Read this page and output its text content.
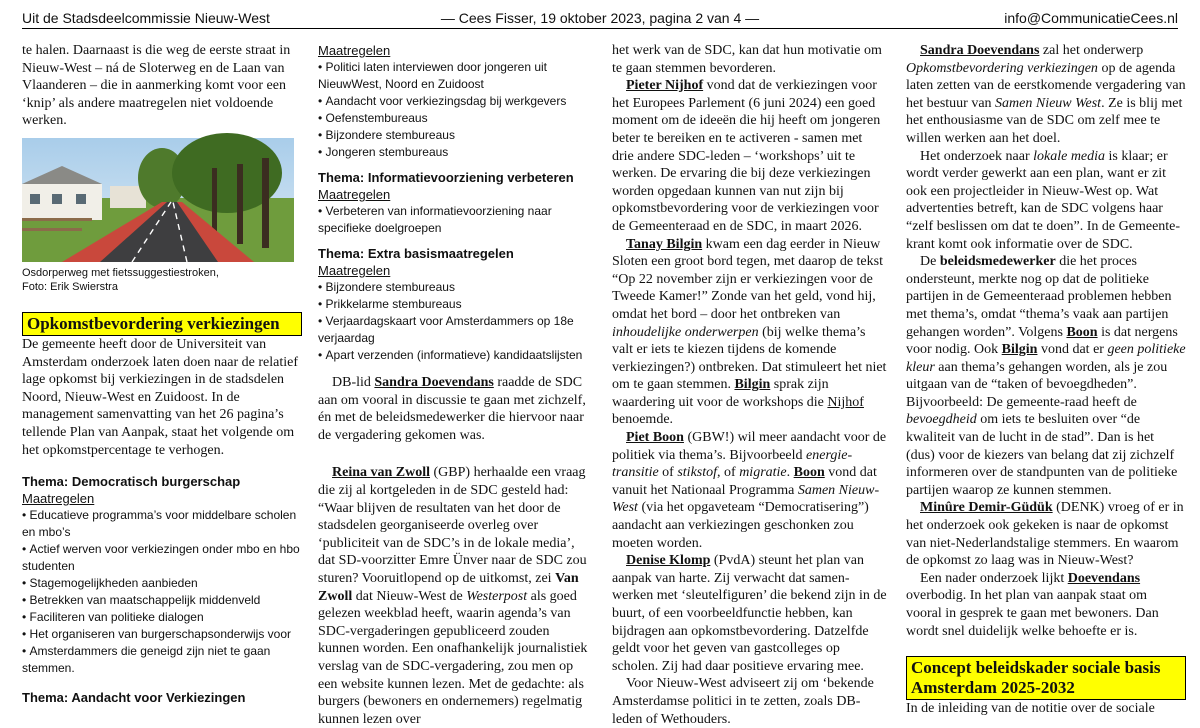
Uit de Stadsdeelcommissie Nieuw-West	— Cees Fisser, 19 oktober 2023, pagina 2 van 4 —	info@CommunicatieCees.nl

te halen. Daarnaast is die weg de eerste straat in Nieuw-West – ná de Sloterweg en de Laan van Vlaanderen – die in aanmerking komt voor een ‘knip’ als andere maatregelen niet voldoende werken.

Osdorperweg met fietssuggestiestroken,
Foto: Erik Swierstra
Opkomstbevordering verkiezingen

De gemeente heeft door de Universiteit van Amsterdam onderzoek laten doen naar de relatief lage opkomst bij verkiezingen in de stadsdelen Noord, Nieuw-West en Zuidoost. In de management samenvatting van het 26 pagina’s tellende Plan van Aanpak, staat het volgende om het opkomstpercentage te verhogen.

Thema: Democratisch burgerschap
Maatregelen
• Educatieve programma’s voor middelbare scholen en mbo’s
• Actief werven voor verkiezingen onder mbo en hbo studenten
• Stagemogelijkheden aanbieden
• Betrekken van maatschappelijk middenveld
• Faciliteren van politieke dialogen
• Het organiseren van burgerschapsonderwijs voor
• Amsterdammers die geneigd zijn niet te gaan stemmen.
Thema: Aandacht voor Verkiezingen
Maatregelen
• Politici laten interviewen door jongeren uit NieuwWest, Noord en Zuidoost
• Aandacht voor verkiezingsdag bij werkgevers
• Oefenstembureaus
• Bijzondere stembureaus
• Jongeren stembureaus
Thema: Informatievoorziening verbeteren
Maatregelen
• Verbeteren van informatievoorziening naar specifieke doelgroepen
Thema: Extra basismaatregelen
Maatregelen
• Bijzondere stembureaus
• Prikkelarme stembureaus
• Verjaardagskaart voor Amsterdammers op 18e verjaardag
• Apart verzenden (informatieve) kandidaatslijsten

DB-lid Sandra Doevendans raadde de SDC aan om vooral in discussie te gaan met zichzelf, én met de beleidsmedewerker die hiervoor naar de vergadering gekomen was.

Reina van Zwoll (GBP) herhaalde een vraag die zij al kortgeleden in de SDC gesteld had: “Waar blijven de resultaten van het door de stadsdelen georganiseerde overleg over ‘publiciteit van de SDC’s in de lokale media’, dat SD-voorzitter Emre Ünver naar de SDC zou sturen? Vooruitlopend op de uitkomst, zei Van Zwoll dat Nieuw-West de Westerpost als goed gelezen weekblad heeft, waarin agenda’s van SDC-vergaderingen gepubliceerd zouden kunnen worden. Een onafhankelijk journalistiek verslag van de SDC-vergadering, zou men op een website kunnen lezen. Met de gedachte: als burgers (bewoners en ondernemers) regelmatig kunnen lezen over

het werk van de SDC, kan dat hun motivatie om te gaan stemmen bevorderen.

Pieter Nijhof vond dat de verkiezingen voor het Europees Parlement (6 juni 2024) een goed moment om de ideeën die hij heeft om jongeren beter te bereiken en te activeren - samen met drie andere SDC-leden – ‘workshops’ uit te werken. De ervaring die bij deze verkiezingen worden opgedaan kunnen van nut zijn bij opkomstbevordering voor de verkiezingen voor de Gemeenteraad en de SDC, in maart 2026.

Tanay Bilgin kwam een dag eerder in Nieuw Sloten een groot bord tegen, met daarop de tekst “Op 22 november zijn er verkiezingen voor de Tweede Kamer!” Zonde van het geld, vond hij, omdat het bord – door het ontbreken van inhoudelijke onderwerpen (bij welke thema’s valt er iets te kiezen tijdens de komende verkiezingen?) ontbreken. Dat stimuleert het niet om te gaan stemmen. Bilgin sprak zijn waardering uit voor de workshops die Nijhof benoemde.

Piet Boon (GBW!) wil meer aandacht voor de politiek via thema’s. Bijvoorbeeld energie-transitie of stikstof, of migratie. Boon vond dat vanuit het Nationaal Programma Samen Nieuw-West (via het opgaveteam “Democratisering”) aandacht aan verkiezingen geschonken zou moeten worden.

Denise Klomp (PvdA) steunt het plan van aanpak van harte. Zij verwacht dat samen-werken met ‘sleutelfiguren’ die bekend zijn in de buurt, of een voorbeeldfunctie hebben, kan bijdragen aan opkomstbevordering. Datzelfde geldt voor het geven van gastcolleges op scholen. Zij had daar positieve ervaring mee.

Voor Nieuw-West adviseert zij om ‘bekende Amsterdamse politici in te zetten, zoals DB-leden of Wethouders.

Sandra Doevendans zal het onderwerp Opkomstbevordering verkiezingen op de agenda laten zetten van de eerstkomende vergadering van het bestuur van Samen Nieuw West. Ze is blij met het enthousiasme van de SDC om zelf mee te willen werken aan het doel.

Het onderzoek naar lokale media is klaar; er wordt verder gewerkt aan een plan, want er zit ook een projectleider in Nieuw-West op. Wat advertenties betreft, kan de SDC volgens haar “zelf beslissen om dat te doen”. In de Gemeente-krant komt ook informatie over de SDC.

De beleidsmedewerker die het proces ondersteunt, merkte nog op dat de politieke partijen in de Gemeenteraad problemen hebben met thema’s, omdat “thema’s vaak aan partijen gehangen worden”. Volgens Boon is dat nergens voor nodig. Ook Bilgin vond dat er geen politieke kleur aan thema’s gehangen worden, als je zou uitgaan van de “taken of bevoegdheden”. Bijvoorbeeld: De gemeente-raad heeft de bevoegdheid om iets te besluiten over “de kwaliteit van de lucht in de stad”. Dan is het (dus) voor de kiezers van belang dat zij zichzelf informeren over de standpunten van de politieke partijen waarop ze kunnen stemmen.

Minûre Demir-Güdük (DENK) vroeg of er in het onderzoek ook gekeken is naar de opkomst van niet-Nederlandstalige stemmers. En waarom de opkomst zo laag was in Nieuw-West?

Een nader onderzoek lijkt Doevendans overbodig. In het plan van aanpak staat om vooral in gesprek te gaan met bewoners. Dan wordt snel duidelijk welke behoefte er is.

Concept beleidskader sociale basis Amsterdam 2025-2032

In de inleiding van de notitie over de sociale
